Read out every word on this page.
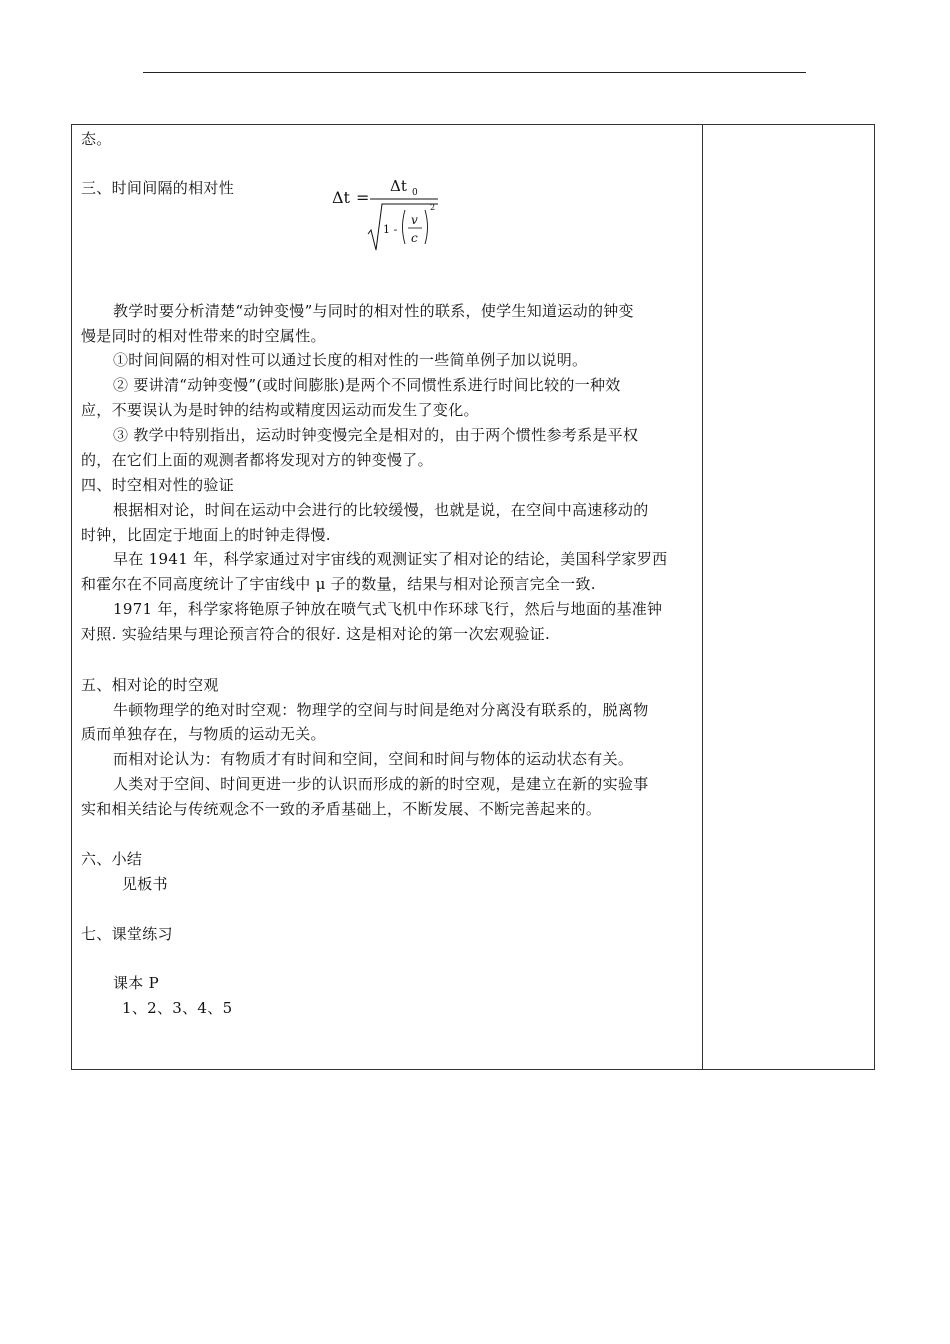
态。
三、时间间隔的相对性	Δt =
Δt 0
1 -
v
c
2
教学时要分析清楚“动钟变慢”与同时的相对性的联系，使学生知道运动的钟变
慢是同时的相对性带来的时空属性。
①时间间隔的相对性可以通过长度的相对性的一些简单例子加以说明。
② 要讲清“动钟变慢”(或时间膨胀)是两个不同惯性系进行时间比较的一种效
应，不要误认为是时钟的结构或精度因运动而发生了变化。
③ 教学中特别指出，运动时钟变慢完全是相对的，由于两个惯性参考系是平权
的，在它们上面的观测者都将发现对方的钟变慢了。
四、时空相对性的验证
根据相对论，时间在运动中会进行的比较缓慢，也就是说，在空间中高速移动的
时钟，比固定于地面上的时钟走得慢.
早在 1941 年，科学家通过对宇宙线的观测证实了相对论的结论，美国科学家罗西
和霍尔在不同高度统计了宇宙线中 μ 子的数量，结果与相对论预言完全一致.
1971 年，科学家将铯原子钟放在喷气式飞机中作环球飞行，然后与地面的基准钟
对照. 实验结果与理论预言符合的很好. 这是相对论的第一次宏观验证.
五、相对论的时空观
牛顿物理学的绝对时空观：物理学的空间与时间是绝对分离没有联系的，脱离物
质而单独存在，与物质的运动无关。
而相对论认为：有物质才有时间和空间，空间和时间与物体的运动状态有关。
人类对于空间、时间更进一步的认识而形成的新的时空观，是建立在新的实验事
实和相关结论与传统观念不一致的矛盾基础上，不断发展、不断完善起来的。
六、小结
见板书
七、课堂练习
课本 P
1、2、3、4、5
